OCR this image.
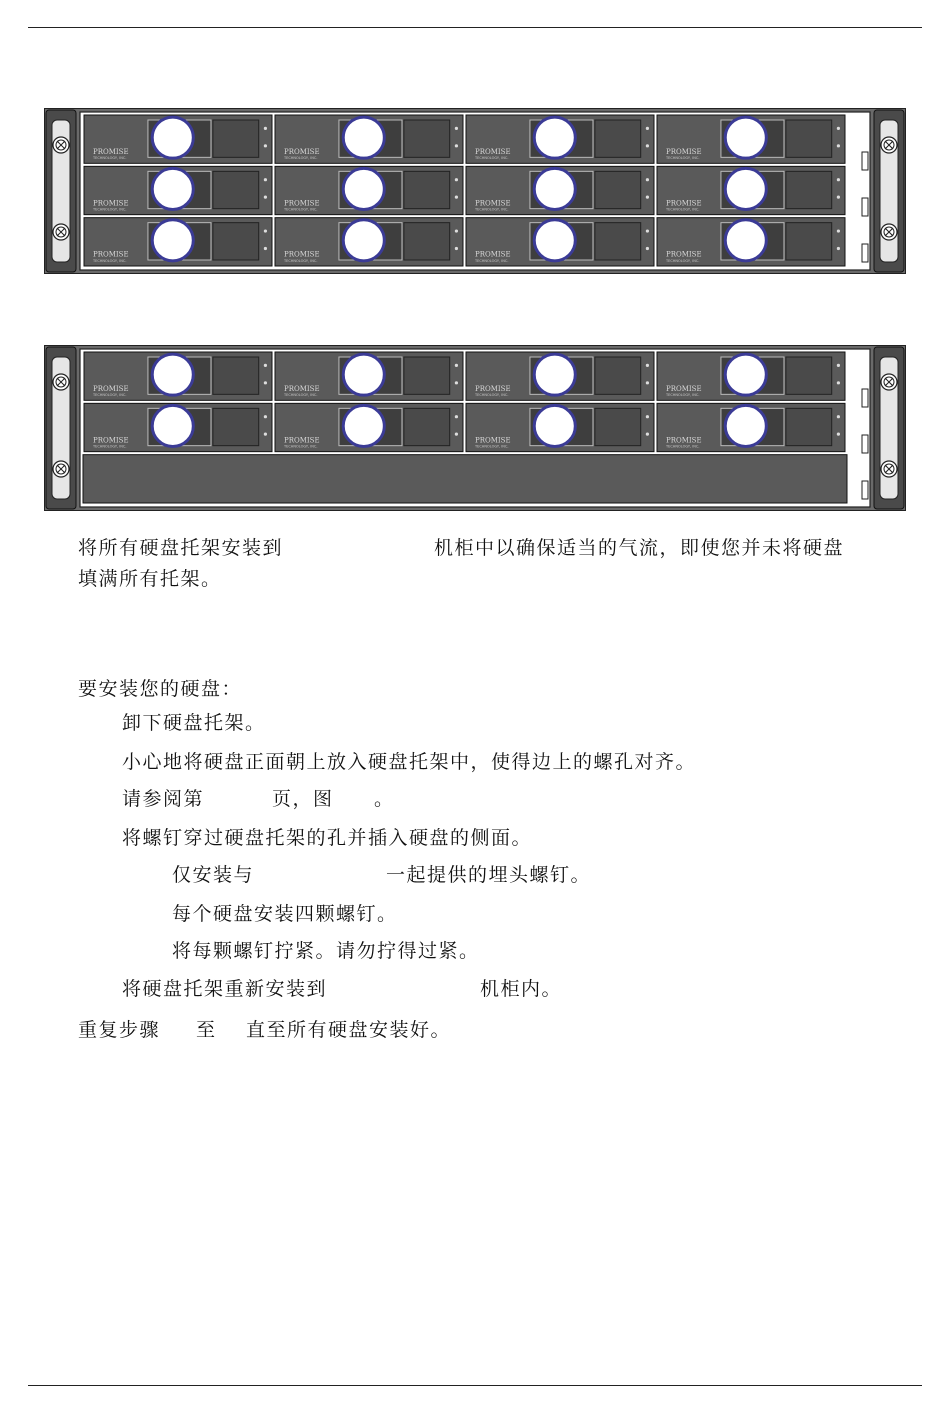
PROMISE
TECHNOLOGY, INC.
PROMISE
TECHNOLOGY, INC.
PROMISE
TECHNOLOGY, INC.
PROMISE
TECHNOLOGY, INC.
PROMISE
TECHNOLOGY, INC.
PROMISE
TECHNOLOGY, INC.
PROMISE
TECHNOLOGY, INC.
PROMISE
TECHNOLOGY, INC.
PROMISE
TECHNOLOGY, INC.
PROMISE
TECHNOLOGY, INC.
PROMISE
TECHNOLOGY, INC.
PROMISE
TECHNOLOGY, INC.
PROMISE
TECHNOLOGY, INC.
PROMISE
TECHNOLOGY, INC.
PROMISE
TECHNOLOGY, INC.
PROMISE
TECHNOLOGY, INC.
PROMISE
TECHNOLOGY, INC.
PROMISE
TECHNOLOGY, INC.
PROMISE
TECHNOLOGY, INC.
PROMISE
TECHNOLOGY, INC.
将所有硬盘托架安装到	机柜中以确保适当的气流，即使您并未将硬盘
填满所有托架。
要安装您的硬盘：
卸下硬盘托架。
小心地将硬盘正面朝上放入硬盘托架中，使得边上的螺孔对齐。
请参阅第	页，图 。
将螺钉穿过硬盘托架的孔并插入硬盘的侧面。
仅安装与	一起提供的埋头螺钉。
每个硬盘安装四颗螺钉。
将每颗螺钉拧紧。请勿拧得过紧。
将硬盘托架重新安装到	机柜内。
重复步骤 至 直至所有硬盘安装好。
